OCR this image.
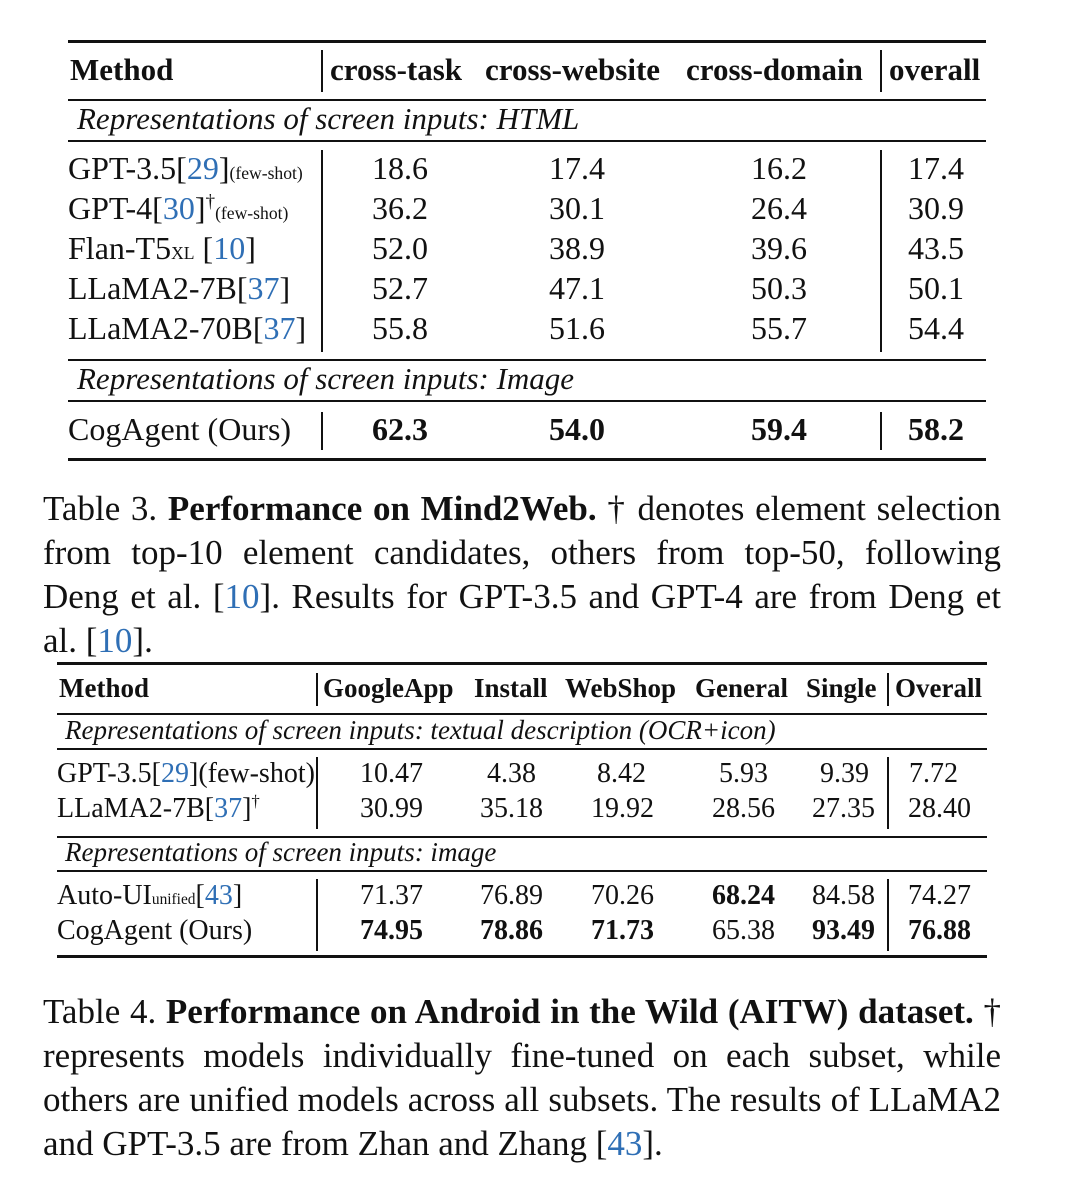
Method	cross-task cross-website cross-domain overall
Representations of screen inputs: HTML
GPT-3.5[29](few-shot) 18.6	17.4	16.2	17.4
GPT-4[30]†(few-shot)	36.2	30.1	26.4	30.9
Flan-T5XL [10]	52.0	38.9	39.6	43.5
LLaMA2-7B[37]	52.7	47.1	50.3	50.1
LLaMA2-70B[37] 55.8	51.6	55.7	54.4
Representations of screen inputs: Image
CogAgent (Ours)	62.3	54.0	59.4	58.2
Table 3. Performance on Mind2Web. † denotes element selection from top-10 element candidates, others from top-50, following Deng et al. [10]. Results for GPT-3.5 and GPT-4 are from Deng et al. [10].
Method	GoogleApp Install WebShop General Single Overall
Representations of screen inputs: textual description (OCR+icon)
GPT-3.5[29](few-shot) 10.47 4.38 8.42	5.93 9.39 7.72
LLaMA2-7B[37]†	30.99 35.18 19.92 28.56 27.35 28.40
Representations of screen inputs: image
Auto-UIunified[43]	71.37 76.89 70.26 68.24 84.58 74.27
CogAgent (Ours)	74.95 78.86 71.73 65.38 93.49 76.88
Table 4. Performance on Android in the Wild (AITW) dataset. † represents models individually fine-tuned on each subset, while others are unified models across all subsets. The results of LLaMA2 and GPT-3.5 are from Zhan and Zhang [43].
